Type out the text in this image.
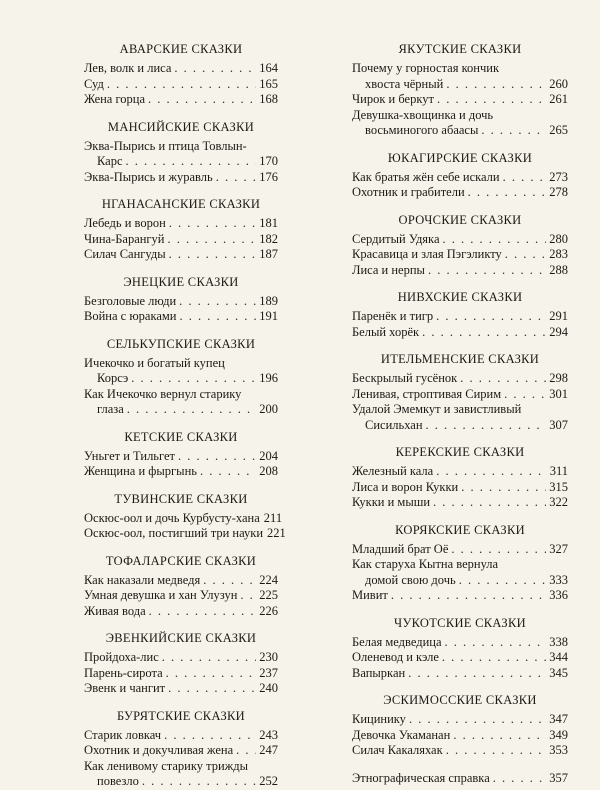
АВАРСКИЕ СКАЗКИ
Лев, волк и лиса . . .	164
Суд . . .	165
Жена горца . . .	168
МАНСИЙСКИЕ СКАЗКИ
Эква-Пырись и птица Товлын-
Карс . . .	170
Эква-Пырись и журавль . . .	176
НГАНАСАНСКИЕ СКАЗКИ
Лебедь и ворон . . .	181
Чина-Барангуй . . .	182
Силач Сангуды . . .	187
ЭНЕЦКИЕ СКАЗКИ
Безголовые люди . . .	189
Война с юраками . . .	191
СЕЛЬКУПСКИЕ СКАЗКИ
Ичекочко и богатый купец
Корсэ . . .	196
Как Ичекочко вернул старику
глаза . . .	200
КЕТСКИЕ СКАЗКИ
Уньгет и Тильгет . . .	204
Женщина и фыргынь . . .	208
ТУВИНСКИЕ СКАЗКИ
Оскюс-оол и дочь Курбусту-хана 211
Оскюс-оол, постигший три науки 221
ТОФАЛАРСКИЕ СКАЗКИ
Как наказали медведя . . .	224
Умная девушка и хан Улузун . . . 225
Живая вода . . .	226
ЭВЕНКИЙСКИЕ СКАЗКИ
Пройдоха-лис . . .	230
Парень-сирота . . .	237
Эвенк и чангит . . .	240
БУРЯТСКИЕ СКАЗКИ
Старик ловкач . . .	243
Охотник и докучливая жена . . . 247
Как ленивому старику трижды
повезло . . .	252
ЯКУТСКИЕ СКАЗКИ
Почему у горностая кончик
хвоста чёрный . . .	260
Чирок и беркут . . .	261
Девушка-хвощинка и дочь
восьминогого абааcы . . .	265
ЮКАГИРСКИЕ СКАЗКИ
Как братья жён себе искали . . .	273
Охотник и грабители . . .	278
ОРОЧСКИЕ СКАЗКИ
Сердитый Удяка . . .	280
Красавица и злая Пэгэликту . . .	283
Лиса и нерпы . . .	288
НИВХСКИЕ СКАЗКИ
Паренёк и тигр . . .	291
Белый хорёк . . .	294
ИТЕЛЬМЕНСКИЕ СКАЗКИ
Бескрылый гусёнок . . .	298
Ленивая, строптивая Сирим . . .	301
Удалой Эмемкут и завистливый
Сисильхан . . .	307
КЕРЕКСКИЕ СКАЗКИ
Железный кала . . .	311
Лиса и ворон Кукки . . .	315
Кукки и мыши . . .	322
КОРЯКСКИЕ СКАЗКИ
Младший брат Оё . . .	327
Как старуха Кытна вернула
домой свою дочь . . .	333
Мивит . . .	336
ЧУКОТСКИЕ СКАЗКИ
Белая медведица . . .	338
Оленевод и кэле . . .	344
Вапыркан . . .	345
ЭСКИМОССКИЕ СКАЗКИ
Кицинику . . .	347
Девочка Укаманан . . .	349
Силач Какаляхак . . .	353
Этнографическая справка . . .	357
